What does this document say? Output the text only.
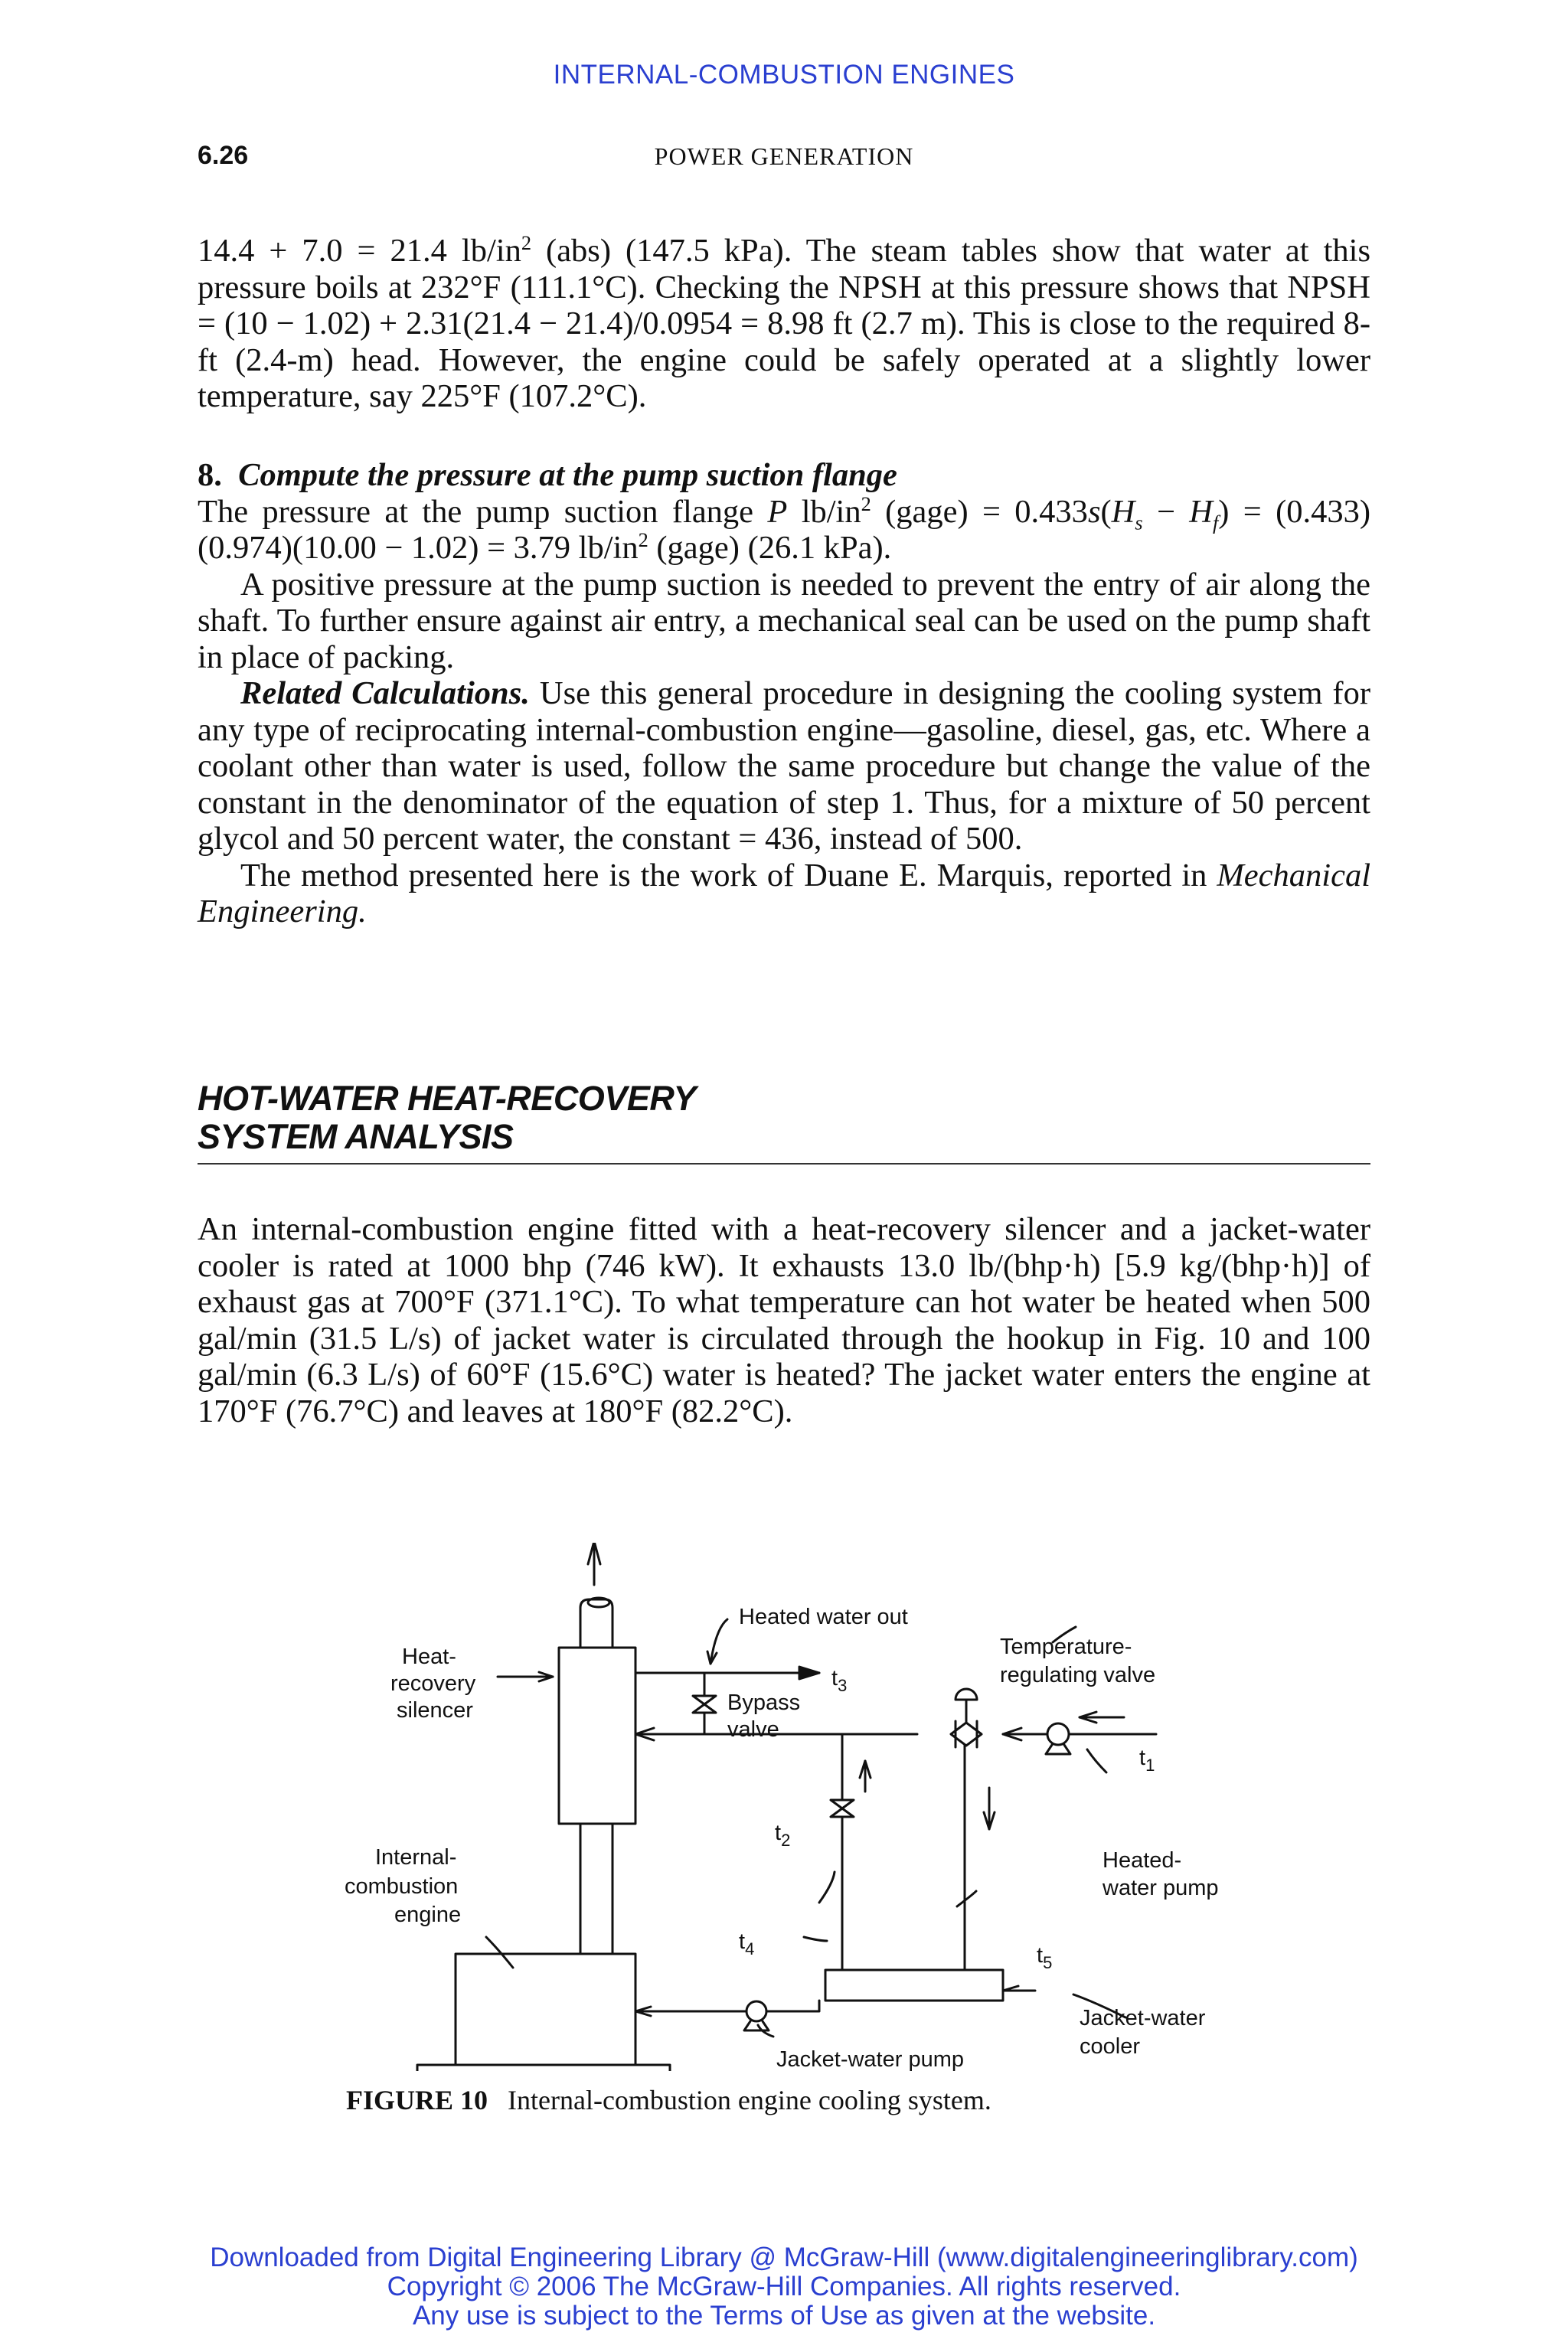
INTERNAL-COMBUSTION ENGINES
6.26	POWER GENERATION

14.4 + 7.0 = 21.4 $lb/in^2$ (abs) (147.5 kPa). The steam tables show that water at this pressure boils at 232°F (111.1°C). Checking the NPSH at this pressure shows that NPSH = (10 − 1.02) + 2.31(21.4 − 21.4)/0.0954 = 8.98 ft (2.7 m). This is close to the required 8-ft (2.4-m) head. However, the engine could be safely operated at a slightly lower temperature, say 225°F (107.2°C).

8. Compute the pressure at the pump suction flange

The pressure at the pump suction flange P $lb/in^2$ (gage) = $0.433s(H_s - H_f) = (0.433)(0.974)(10.00 - 1.02) = 3.79$ $lb/in^2$ (gage) (26.1 kPa).

A positive pressure at the pump suction is needed to prevent the entry of air along the shaft. To further ensure against air entry, a mechanical seal can be used on the pump shaft in place of packing.

Related Calculations. Use this general procedure in designing the cooling system for any type of reciprocating internal-combustion engine—gasoline, diesel, gas, etc. Where a coolant other than water is used, follow the same procedure but change the value of the constant in the denominator of the equation of step 1. Thus, for a mixture of 50 percent glycol and 50 percent water, the constant = 436, instead of 500.

The method presented here is the work of Duane E. Marquis, reported in Mechanical Engineering.

HOT-WATER HEAT-RECOVERY
SYSTEM ANALYSIS

An internal-combustion engine fitted with a heat-recovery silencer and a jacket-water cooler is rated at 1000 bhp (746 kW). It exhausts 13.0 lb/(bhp·h) [5.9 kg/(bhp·h)] of exhaust gas at 700°F (371.1°C). To what temperature can hot water be heated when 500 gal/min (31.5 L/s) of jacket water is circulated through the hookup in Fig. 10 and 100 gal/min (6.3 L/s) of 60°F (15.6°C) water is heated? The jacket water enters the engine at 170°F (76.7°C) and leaves at 180°F (82.2°C).

Heated water out
$t_3$
Temperature-
regulating valve
Heat-
recovery
silencer	Bypass
valve
$t_1$
$t_2$
Internal-
combustion
engine
Heated-
water pump
$t_4$	$t_5$
Jacket-water
cooler
Jacket-water pump
FIGURE 10 Internal-combustion engine cooling system.
Downloaded from Digital Engineering Library @ McGraw-Hill (www.digitalengineeringlibrary.com)
Copyright © 2006 The McGraw-Hill Companies. All rights reserved.
Any use is subject to the Terms of Use as given at the website.
